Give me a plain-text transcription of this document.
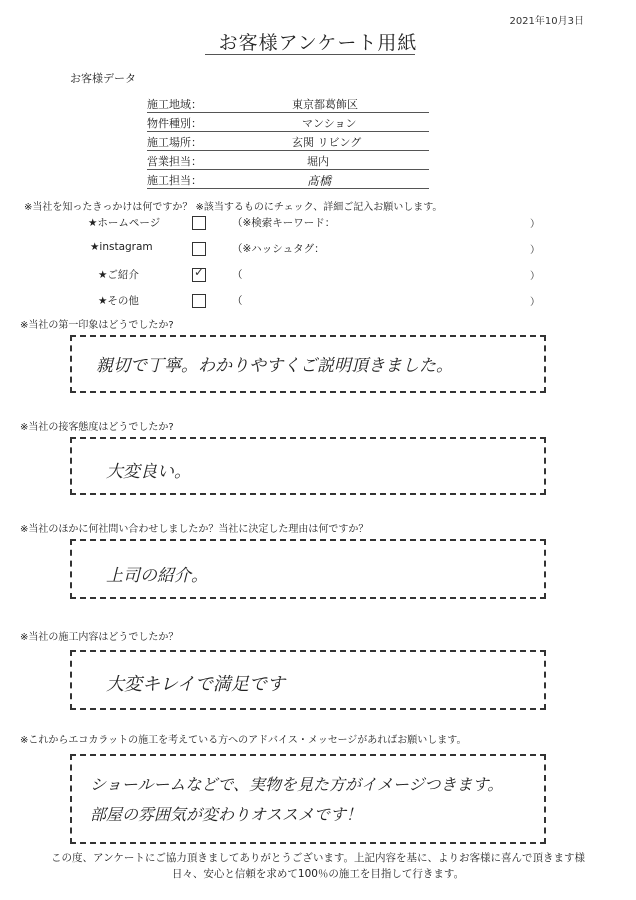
2021年10月3日
お客様アンケート用紙
お客様データ
施工地域：	東京都葛飾区
物件種別：	マンション
施工場所：	玄関 リビング
営業担当：	堀内
施工担当：	髙橋
※当社を知ったきっかけは何ですか？ ※該当するものにチェック、詳細ご記入お願いします。
★ホームページ	（※検索キーワード：	）
★instagram	（※ハッシュタグ：	）
★ご紹介	✓	（	）
★その他	（	）
※当社の第一印象はどうでしたか?
親切で丁寧。わかりやすくご説明頂きました。
※当社の接客態度はどうでしたか?
大変良い。
※当社のほかに何社問い合わせしましたか？当社に決定した理由は何ですか？
上司の紹介。
※当社の施工内容はどうでしたか？
大変キレイで満足です
※これからエコカラットの施工を考えている方へのアドバイス・メッセージがあればお願いします。
ショールームなどで、実物を見た方がイメージつきます。
部屋の雰囲気が変わりオススメです！
この度、アンケートにご協力頂きましてありがとうございます。上記内容を基に、よりお客様に喜んで頂きます様
日々、安心と信頼を求めて100％の施工を目指して行きます。
